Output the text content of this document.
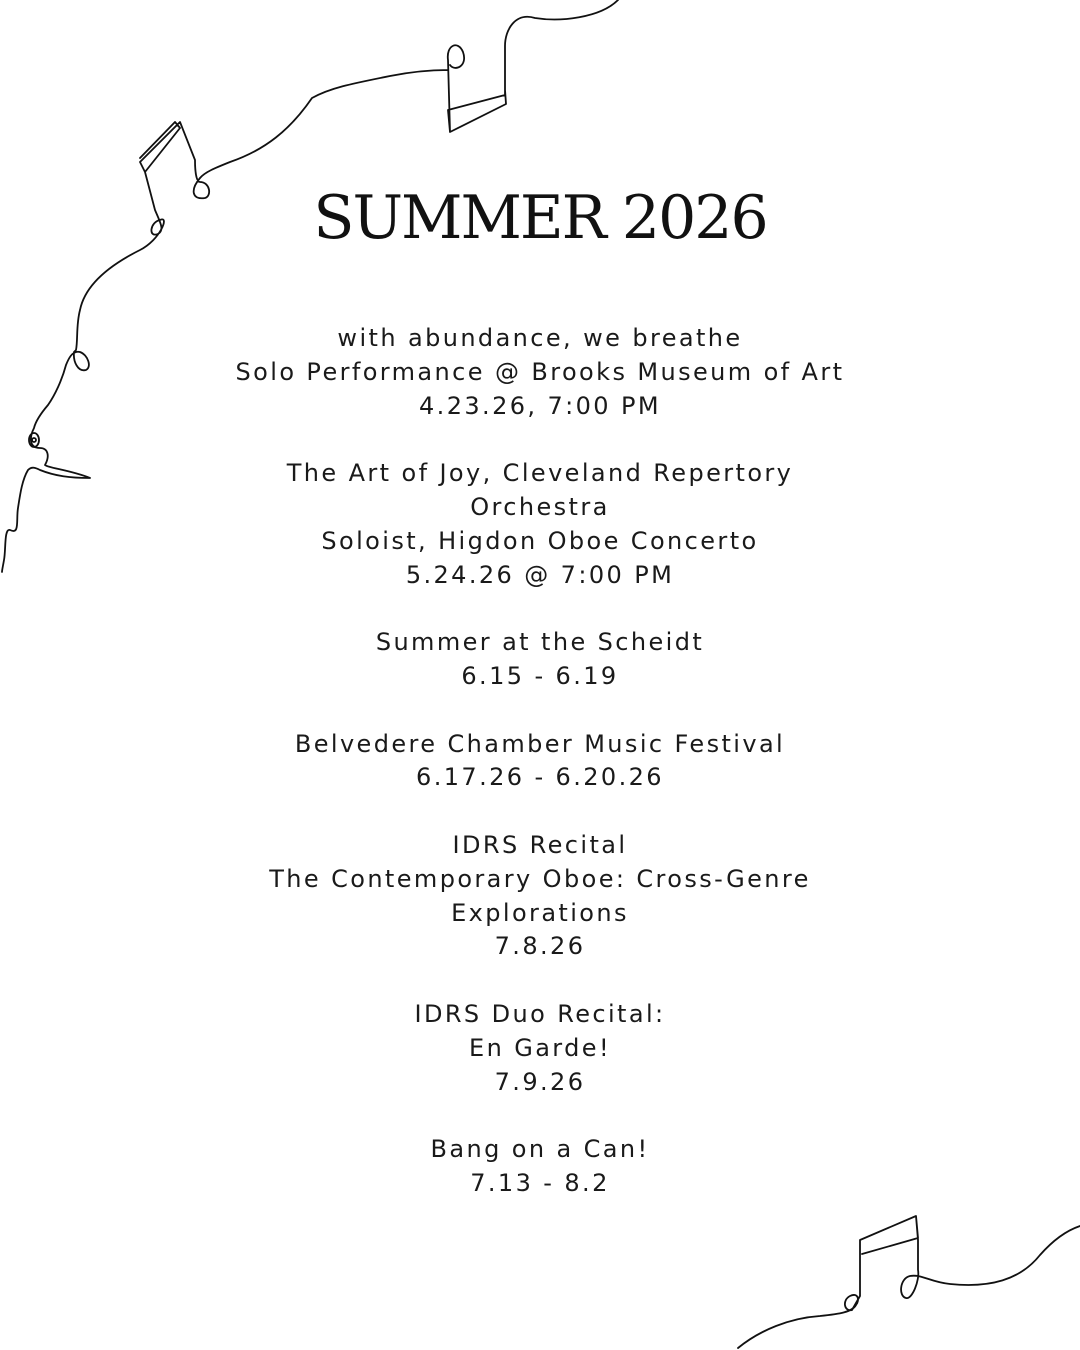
SUMMER 2026
with abundance, we breathe
Solo Performance @ Brooks Museum of Art
4.23.26, 7:00 PM
The Art of Joy, Cleveland Repertory
Orchestra
Soloist, Higdon Oboe Concerto
5.24.26 @ 7:00 PM
Summer at the Scheidt
6.15 - 6.19
Belvedere Chamber Music Festival
6.17.26 - 6.20.26
IDRS Recital
The Contemporary Oboe: Cross-Genre
Explorations
7.8.26
IDRS Duo Recital:
En Garde!
7.9.26
Bang on a Can!
7.13 - 8.2
